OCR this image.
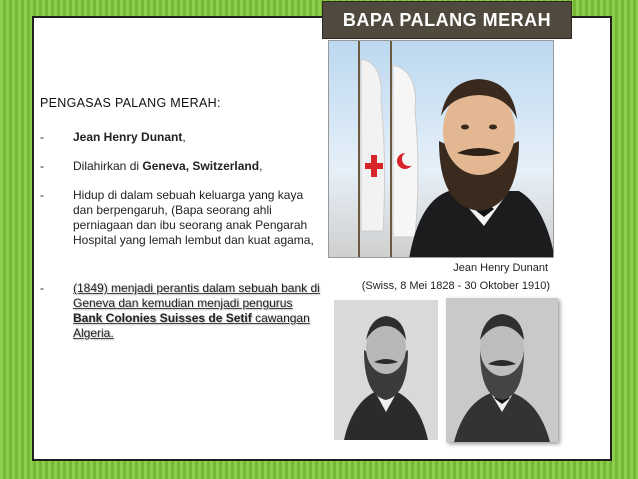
BAPA PALANG MERAH
PENGASAS PALANG MERAH:
- Jean Henry Dunant,
- Dilahirkan di Geneva, Switzerland,
- Hidup di dalam sebuah keluarga yang kaya dan berpengaruh, (Bapa seorang ahli perniagaan dan ibu seorang anak Pengarah Hospital yang lemah lembut dan kuat agama,
- (1849) menjadi perantis dalam sebuah bank di Geneva dan kemudian menjadi pengurus Bank Colonies Suisses de Setif cawangan Algeria.
Jean Henry Dunant
(Swiss, 8 Mei 1828 - 30 Oktober 1910)
